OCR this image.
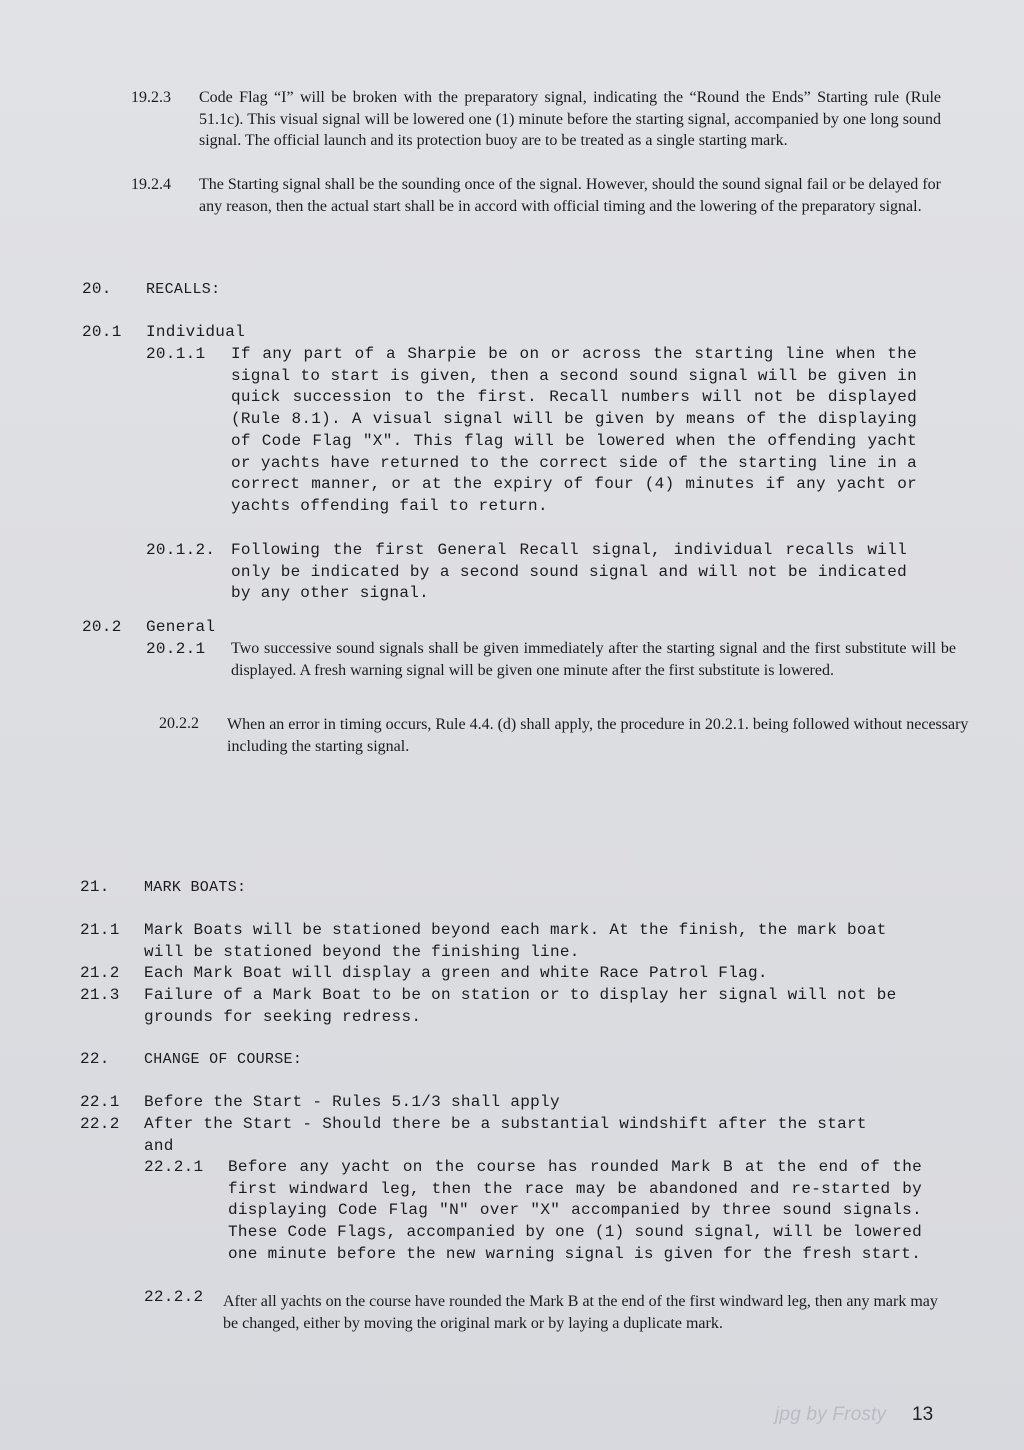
19.2.3 Code Flag “I” will be broken with the preparatory signal, indicating the “Round the Ends” Starting rule (Rule 51.1c). This visual signal will be lowered one (1) minute before the starting signal, accompanied by one long sound signal. The official launch and its protection buoy are to be treated as a single starting mark.
19.2.4 The Starting signal shall be the sounding once of the signal. However, should the sound signal fail or be delayed for any reason, then the actual start shall be in accord with official timing and the lowering of the preparatory signal.
20. RECALLS:
20.1 Individual
20.1.1 If any part of a Sharpie be on or across the starting line when the signal to start is given, then a second sound signal will be given in quick succession to the first. Recall numbers will not be displayed (Rule 8.1). A visual signal will be given by means of the displaying of Code Flag "X". This flag will be lowered when the offending yacht or yachts have returned to the correct side of the starting line in a correct manner, or at the expiry of four (4) minutes if any yacht or yachts offending fail to return.
20.1.2. Following the first General Recall signal, individual recalls will only be indicated by a second sound signal and will not be indicated by any other signal.
20.2 General
20.2.1 Two successive sound signals shall be given immediately after the starting signal and the first substitute will be displayed. A fresh warning signal will be given one minute after the first substitute is lowered.
20.2.2 When an error in timing occurs, Rule 4.4. (d) shall apply, the procedure in 20.2.1. being followed without necessary including the starting signal.
21. MARK BOATS:
21.1 Mark Boats will be stationed beyond each mark. At the finish, the mark boat will be stationed beyond the finishing line.
21.2 Each Mark Boat will display a green and white Race Patrol Flag.
21.3 Failure of a Mark Boat to be on station or to display her signal will not be grounds for seeking redress.
22. CHANGE OF COURSE:
22.1 Before the Start - Rules 5.1/3 shall apply
22.2 After the Start - Should there be a substantial windshift after the start and
22.2.1 Before any yacht on the course has rounded Mark B at the end of the first windward leg, then the race may be abandoned and re-started by displaying Code Flag "N" over "X" accompanied by three sound signals. These Code Flags, accompanied by one (1) sound signal, will be lowered one minute before the new warning signal is given for the fresh start.
22.2.2 After all yachts on the course have rounded the Mark B at the end of the first windward leg, then any mark may be changed, either by moving the original mark or by laying a duplicate mark.
jpg by Frosty 13
